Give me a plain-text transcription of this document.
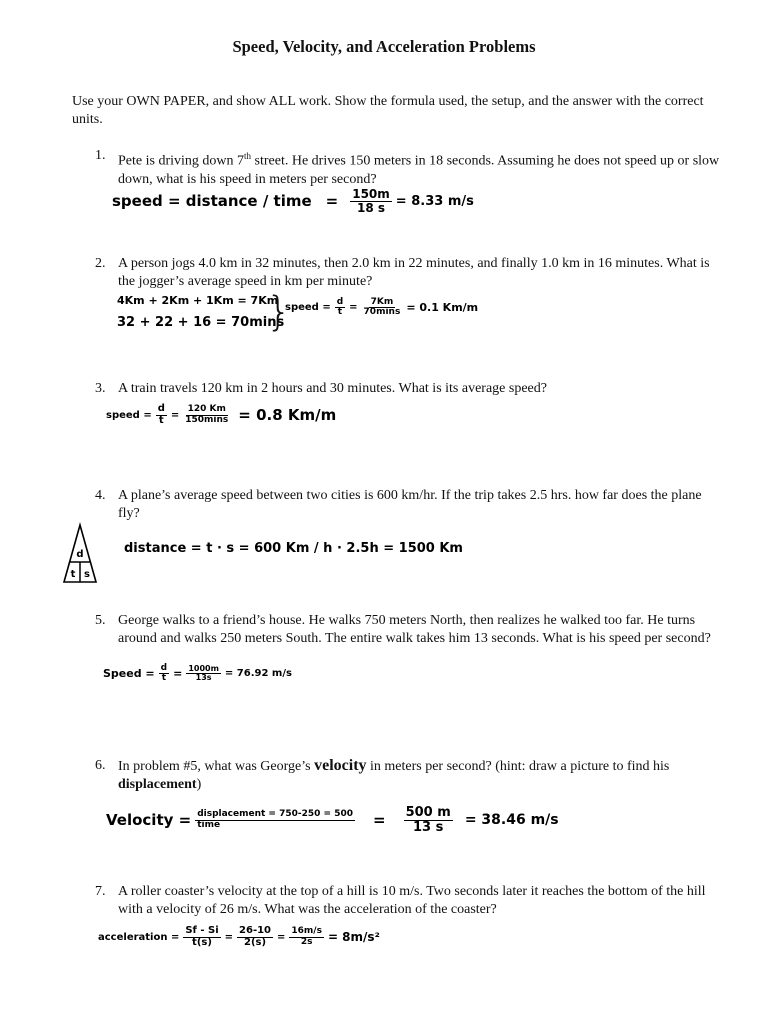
Speed, Velocity, and Acceleration Problems
Use your OWN PAPER, and show ALL work. Show the formula used, the setup, and the answer with the correct units.
1. Pete is driving down 7th street. He drives 150 meters in 18 seconds. Assuming he does not speed up or slow down, what is his speed in meters per second?
speed = distance / time = $\frac{150m}{18 s} = 8.33$ m/s
2. A person jogs 4.0 km in 32 minutes, then 2.0 km in 22 minutes, and finally 1.0 km in 16 minutes. What is the jogger’s average speed in km per minute?
4Km + 2Km + 1Km = 7Km
32 + 22 + 16 = 70mins
}
speed = $\frac{d}{t} = \frac{7Km}{70\min s} = 0.1$ Km/m
3. A train travels 120 km in 2 hours and 30 minutes. What is its average speed?
speed = $\frac{d}{t} = \frac{120 Km}{150\min s} = 0.8$ Km/m
4. A plane’s average speed between two cities is 600 km/hr. If the trip takes 2.5 hrs. how far does the plane fly?
d
t s
distance = t · s = 600 Km / h · 2.5h = 1500 Km
5. George walks to a friend’s house. He walks 750 meters North, then realizes he walked too far. He turns around and walks 250 meters South. The entire walk takes him 13 seconds. What is his speed per second?
Speed = $\frac{d}{t} = \frac{1000m}{13s} = 76.92$ m/s
6. In problem #5, what was George’s velocity in meters per second? (hint: draw a picture to find his displacement)
Velocity = $\frac{\text{displacement = 750-250 = 500}}{\text{time}} = \frac{500 m}{13 s} = 38.46$ m/s
7. A roller coaster’s velocity at the top of a hill is 10 m/s. Two seconds later it reaches the bottom of the hill with a velocity of 26 m/s. What was the acceleration of the coaster?
acceleration = $\frac{Sf - Si}{t(s)} = \frac{26-10}{2(s)} = \frac{16m/s}{2s} = 8m/s^2$
